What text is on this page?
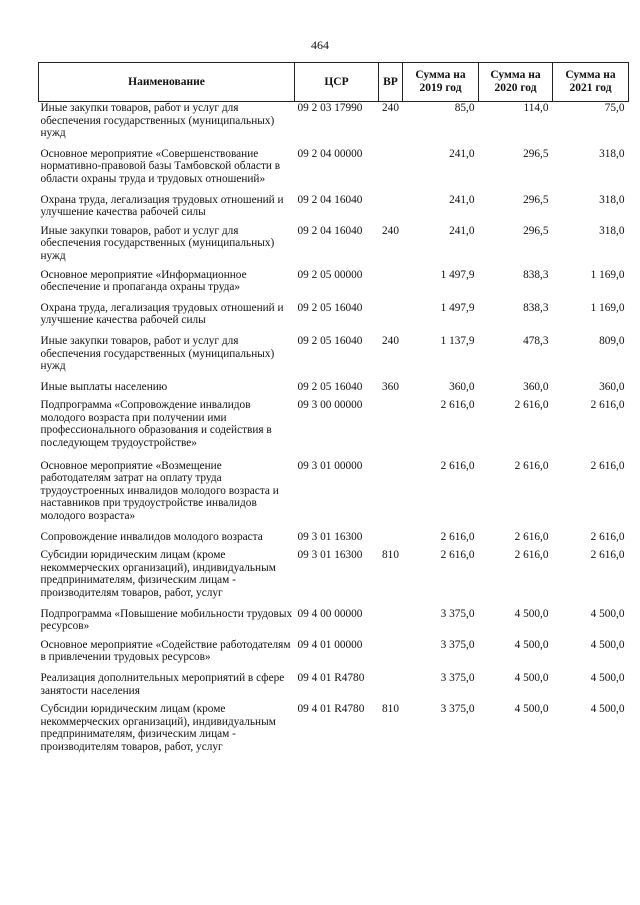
464
Наименование	ЦСР	ВР	Сумма на 2019 год	Сумма на 2020 год	Сумма на 2021 год
Иные закупки товаров, работ и услуг для обеспечения государственных (муниципальных) нужд	09 2 03 17990	240	85,0	114,0	75,0
Основное мероприятие «Совершенствование нормативно-правовой базы Тамбовской области в области охраны труда и трудовых отношений»	09 2 04 00000		241,0	296,5	318,0
Охрана труда, легализация трудовых отношений и улучшение качества рабочей силы	09 2 04 16040		241,0	296,5	318,0
Иные закупки товаров, работ и услуг для обеспечения государственных (муниципальных) нужд	09 2 04 16040	240	241,0	296,5	318,0
Основное мероприятие «Информационное обеспечение и пропаганда охраны труда»	09 2 05 00000		1 497,9	838,3	1 169,0
Охрана труда, легализация трудовых отношений и улучшение качества рабочей силы	09 2 05 16040		1 497,9	838,3	1 169,0
Иные закупки товаров, работ и услуг для обеспечения государственных (муниципальных) нужд	09 2 05 16040	240	1 137,9	478,3	809,0
Иные выплаты населению	09 2 05 16040	360	360,0	360,0	360,0
Подпрограмма «Сопровождение инвалидов молодого возраста при получении ими профессионального образования и содействия в последующем трудоустройстве»	09 3 00 00000		2 616,0	2 616,0	2 616,0
Основное мероприятие «Возмещение работодателям затрат на оплату труда трудоустроенных инвалидов молодого возраста и наставников при трудоустройстве инвалидов молодого возраста»	09 3 01 00000		2 616,0	2 616,0	2 616,0
Сопровождение инвалидов молодого возраста	09 3 01 16300		2 616,0	2 616,0	2 616,0
Субсидии юридическим лицам (кроме некоммерческих организаций), индивидуальным предпринимателям, физическим лицам - производителям товаров, работ, услуг	09 3 01 16300	810	2 616,0	2 616,0	2 616,0
Подпрограмма «Повышение мобильности трудовых ресурсов»	09 4 00 00000		3 375,0	4 500,0	4 500,0
Основное мероприятие «Содействие работодателям в привлечении трудовых ресурсов»	09 4 01 00000		3 375,0	4 500,0	4 500,0
Реализация дополнительных мероприятий в сфере занятости населения	09 4 01 R4780		3 375,0	4 500,0	4 500,0
Субсидии юридическим лицам (кроме некоммерческих организаций), индивидуальным предпринимателям, физическим лицам - производителям товаров, работ, услуг	09 4 01 R4780	810	3 375,0	4 500,0	4 500,0
